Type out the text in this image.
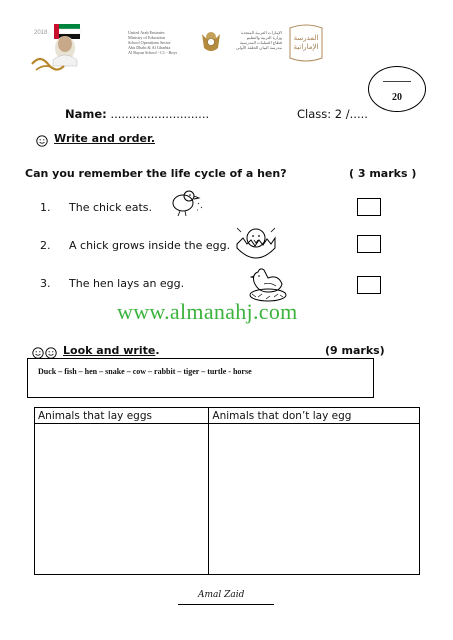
2018	United Arab Emirates
Ministry of Education
School Operations Sector
Abu Dhabi & Al Gharbia
Al Bayan School - C1 - Boys
الإمارات العربية المتحدة
وزارة التربية والتعليم
قطاع العمليات المدرسية
مدرسة البيان الحلقة الأولى
المدرسة الإماراتية
20
Name: ...........................	Class: 2 /.....
Write and order.
Can you remember the life cycle of a hen?	( 3 marks )
1. The chick eats.
2. A chick grows inside the egg.
3. The hen lays an egg.
www.almanahj.com
Look and write.	(9 marks)
Duck – fish – hen – snake – cow – rabbit – tiger – turtle - horse
Animals that lay eggs	Animals that don’t lay egg

Amal Zaid
